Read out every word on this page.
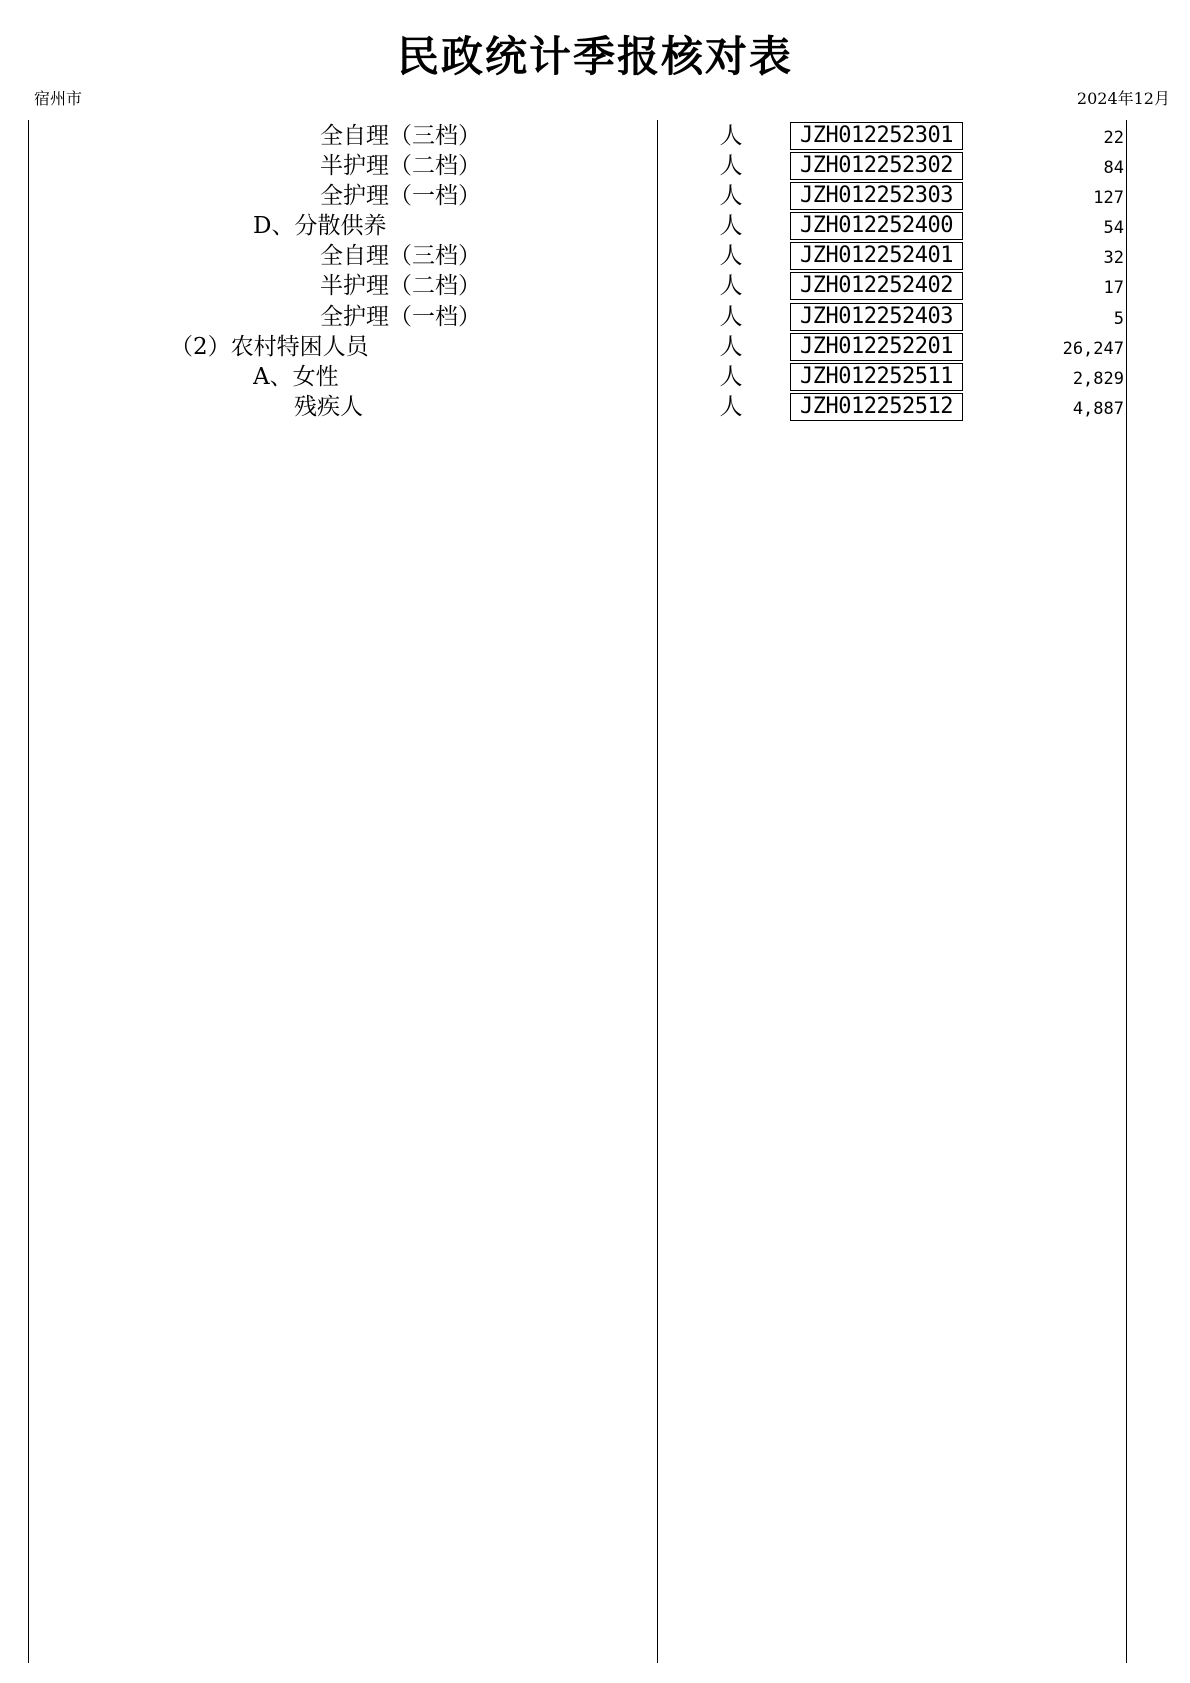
民政统计季报核对表
宿州市	2024年12月
全自理（三档）	人	JZH012252301	22
半护理（二档）	人	JZH012252302	84
全护理（一档）	人	JZH012252303	127
D、分散供养	人	JZH012252400	54
全自理（三档）	人	JZH012252401	32
半护理（二档）	人	JZH012252402	17
全护理（一档）	人	JZH012252403	5
（2）农村特困人员	人	JZH012252201	26,247
A、女性	人	JZH012252511	2,829
残疾人	人	JZH012252512	4,887
